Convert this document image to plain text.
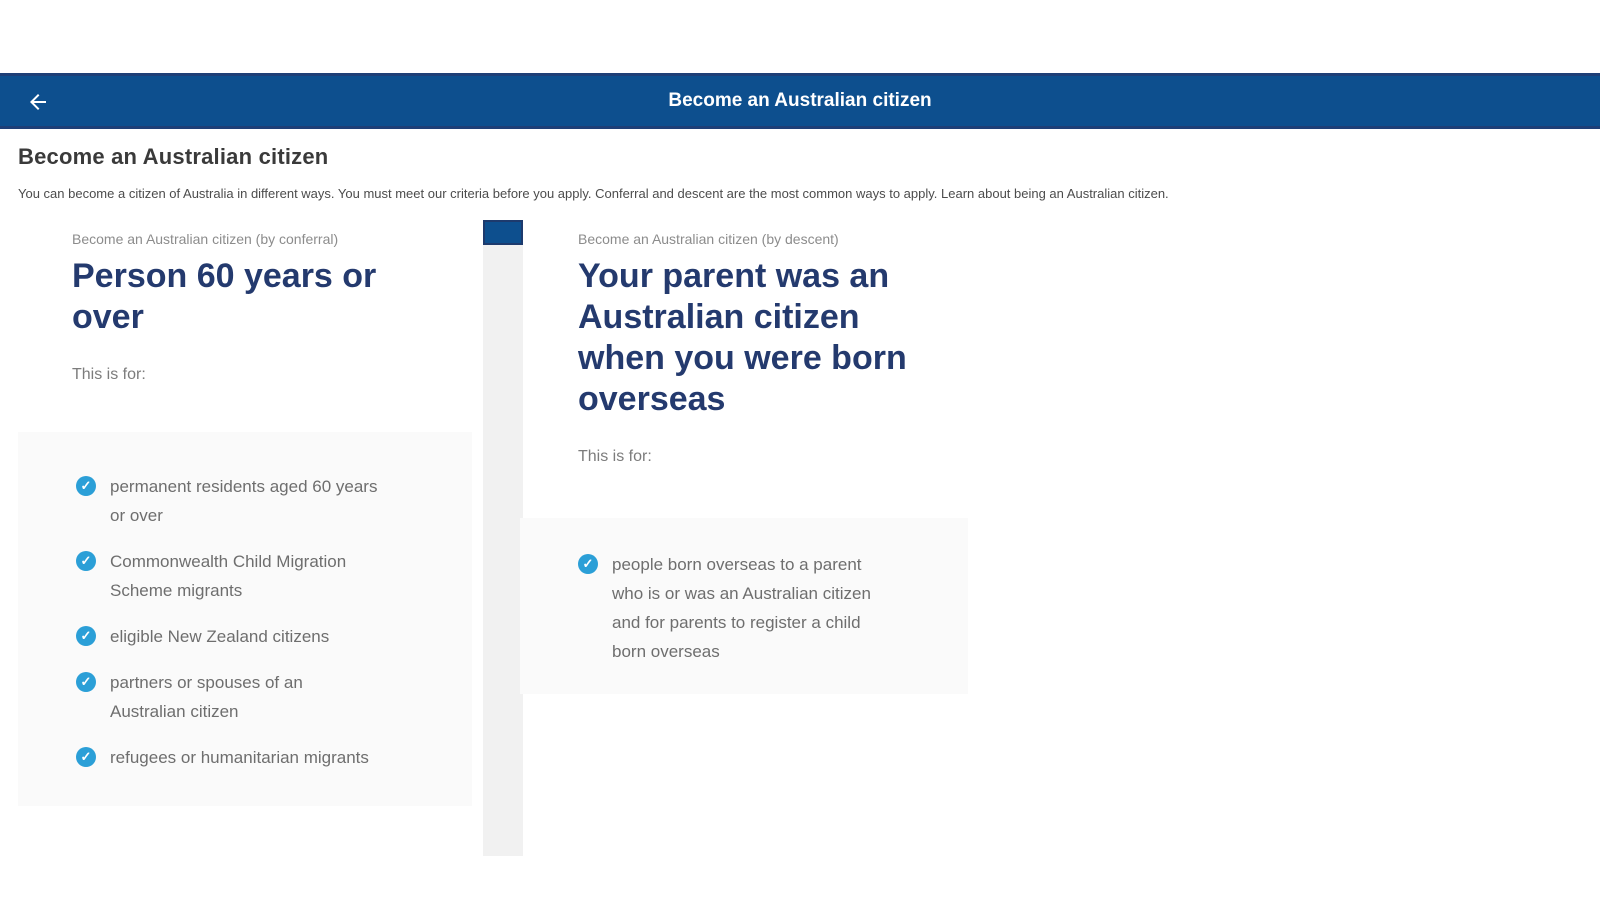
Become an Australian citizen
Become an Australian citizen

You can become a citizen of Australia in different ways. You must meet our criteria before you apply. Conferral and descent are the most common ways to apply. Learn about being an Australian citizen.

Become an Australian citizen (by conferral)
Person 60 years or over
This is for:
✓ permanent residents aged 60 years or over
✓ Commonwealth Child Migration Scheme migrants
✓ eligible New Zealand citizens
✓ partners or spouses of an Australian citizen
✓ refugees or humanitarian migrants
Become an Australian citizen (by descent)
Your parent was an Australian citizen when you were born overseas
This is for:
✓ people born overseas to a parent who is or was an Australian citizen and for parents to register a child born overseas
